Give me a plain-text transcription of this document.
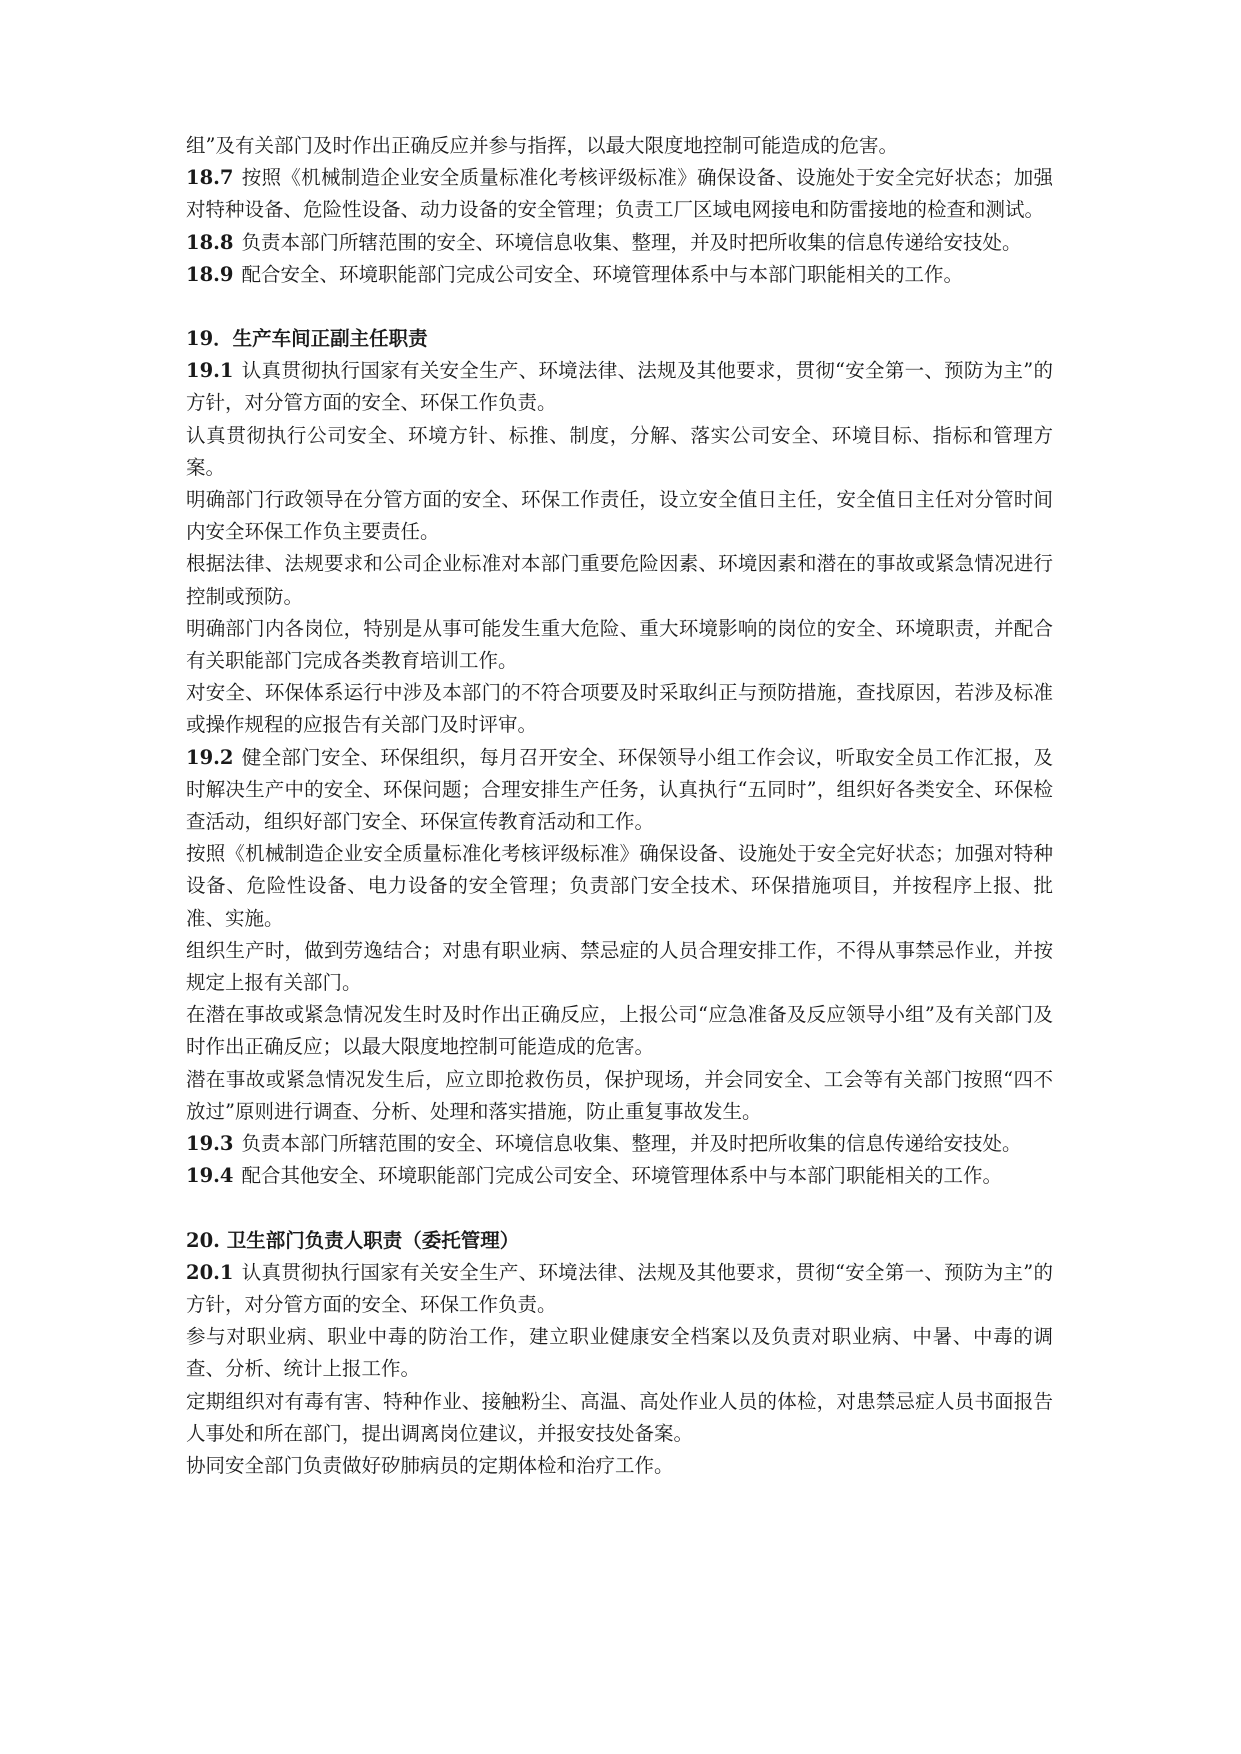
组”及有关部门及时作出正确反应并参与指挥，以最大限度地控制可能造成的危害。

18.7 按照《机械制造企业安全质量标准化考核评级标准》确保设备、设施处于安全完好状态；加强对特种设备、危险性设备、动力设备的安全管理；负责工厂区域电网接电和防雷接地的检查和测试。

18.8 负责本部门所辖范围的安全、环境信息收集、整理，并及时把所收集的信息传递给安技处。

18.9 配合安全、环境职能部门完成公司安全、环境管理体系中与本部门职能相关的工作。

19．生产车间正副主任职责

19.1 认真贯彻执行国家有关安全生产、环境法律、法规及其他要求，贯彻“安全第一、预防为主”的方针，对分管方面的安全、环保工作负责。

认真贯彻执行公司安全、环境方针、标推、制度，分解、落实公司安全、环境目标、指标和管理方案。

明确部门行政领导在分管方面的安全、环保工作责任，设立安全值日主任，安全值日主任对分管时间内安全环保工作负主要责任。

根据法律、法规要求和公司企业标准对本部门重要危险因素、环境因素和潜在的事故或紧急情况进行控制或预防。

明确部门内各岗位，特别是从事可能发生重大危险、重大环境影响的岗位的安全、环境职责，并配合有关职能部门完成各类教育培训工作。

对安全、环保体系运行中涉及本部门的不符合项要及时采取纠正与预防措施，查找原因，若涉及标准或操作规程的应报告有关部门及时评审。

19.2 健全部门安全、环保组织，每月召开安全、环保领导小组工作会议，听取安全员工作汇报，及时解决生产中的安全、环保问题；合理安排生产任务，认真执行“五同时”，组织好各类安全、环保检查活动，组织好部门安全、环保宣传教育活动和工作。

按照《机械制造企业安全质量标准化考核评级标准》确保设备、设施处于安全完好状态；加强对特种设备、危险性设备、电力设备的安全管理；负责部门安全技术、环保措施项目，并按程序上报、批准、实施。

组织生产时，做到劳逸结合；对患有职业病、禁忌症的人员合理安排工作，不得从事禁忌作业，并按规定上报有关部门。

在潜在事故或紧急情况发生时及时作出正确反应，上报公司“应急准备及反应领导小组”及有关部门及时作出正确反应；以最大限度地控制可能造成的危害。

潜在事故或紧急情况发生后，应立即抢救伤员，保护现场，并会同安全、工会等有关部门按照“四不放过”原则进行调查、分析、处理和落实措施，防止重复事故发生。

19.3 负责本部门所辖范围的安全、环境信息收集、整理，并及时把所收集的信息传递给安技处。

19.4 配合其他安全、环境职能部门完成公司安全、环境管理体系中与本部门职能相关的工作。

20. 卫生部门负责人职责（委托管理）

20.1 认真贯彻执行国家有关安全生产、环境法律、法规及其他要求，贯彻“安全第一、预防为主”的方针，对分管方面的安全、环保工作负责。

参与对职业病、职业中毒的防治工作，建立职业健康安全档案以及负责对职业病、中暑、中毒的调查、分析、统计上报工作。

定期组织对有毒有害、特种作业、接触粉尘、高温、高处作业人员的体检，对患禁忌症人员书面报告人事处和所在部门，提出调离岗位建议，并报安技处备案。

协同安全部门负责做好矽肺病员的定期体检和治疗工作。
